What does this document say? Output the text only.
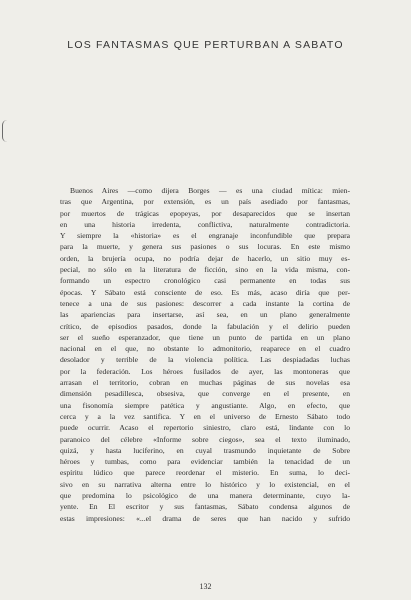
LOS FANTASMAS QUE PERTURBAN A SABATO
Buenos Aires —como dijera Borges — es una ciudad mítica: mien-
tras que Argentina, por extensión, es un país asediado por fantasmas,
por muertos de trágicas epopeyas, por desaparecidos que se insertan
en una historia irredenta, conflictiva, naturalmente contradictoria.
Y siempre la «historia» es el engranaje inconfundible que prepara
para la muerte, y genera sus pasiones o sus locuras. En este mismo
orden, la brujería ocupa, no podría dejar de hacerlo, un sitio muy es-
pecial, no sólo en la literatura de ficción, sino en la vida misma, con-
formando un espectro cronológico casi permanente en todas sus
épocas. Y Sábato está consciente de eso. Es más, acaso diría que per-
tenece a una de sus pasiones: descorrer a cada instante la cortina de
las apariencias para insertarse, así sea, en un plano generalmente
crítico, de episodios pasados, donde la fabulación y el delirio pueden
ser el sueño esperanzador, que tiene un punto de partida en un plano
nacional en el que, no obstante lo admonitorio, reaparece en el cuadro
desolador y terrible de la violencia política. Las despiadadas luchas
por la federación. Los héroes fusilados de ayer, las montoneras que
arrasan el territorio, cobran en muchas páginas de sus novelas esa
dimensión pesadillesca, obsesiva, que converge en el presente, en
una fisonomía siempre patética y angustiante. Algo, en efecto, que
cerca y a la vez santifica. Y en el universo de Ernesto Sábato todo
puede ocurrir. Acaso el repertorio siniestro, claro está, lindante con lo
paranoico del célebre «Informe sobre ciegos», sea el texto iluminado,
quizá, y hasta luciferino, en cuyal trasmundo inquietante de Sobre
héroes y tumbas, como para evidenciar también la tenacidad de un
espíritu lúdico que parece reordenar el misterio. En suma, lo deci-
sivo en su narrativa alterna entre lo histórico y lo existencial, en el
que predomina lo psicológico de una manera determinante, cuyo la-
yente. En El escritor y sus fantasmas, Sábato condensa algunos de
estas impresiones: «...el drama de seres que han nacido y sufrido
132
